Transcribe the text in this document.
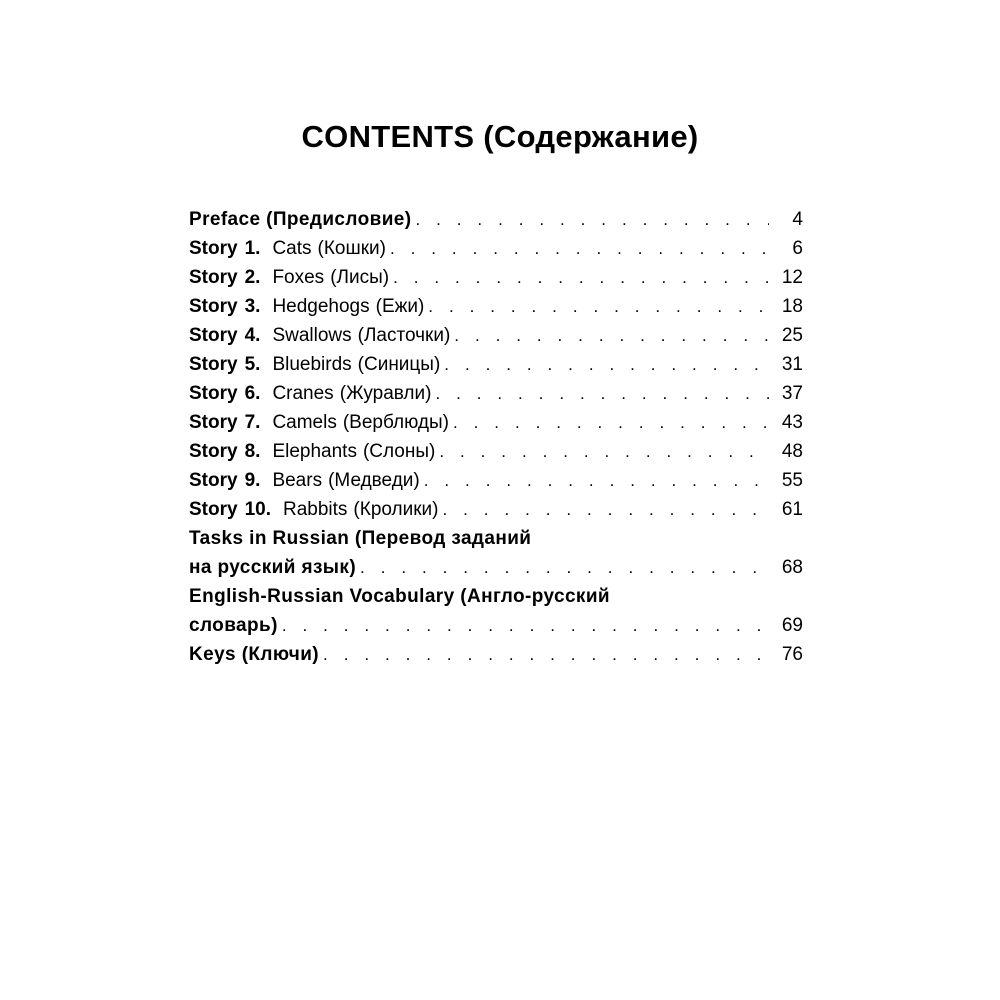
CONTENTS (Содержание)
Preface (Предисловие) . . .	4
Story 1. Cats (Кошки) . . .	6
Story 2. Foxes (Лисы) . . .	12
Story 3. Hedgehogs (Ежи) . . .	18
Story 4. Swallows (Ласточки) . . .	25
Story 5. Bluebirds (Синицы) . . .	31
Story 6. Cranes (Журавли) . . .	37
Story 7. Camels (Верблюды) . . .	43
Story 8. Elephants (Слоны) . . .	48
Story 9. Bears (Медведи) . . .	55
Story 10. Rabbits (Кролики) . . .	61
Tasks in Russian (Перевод заданий
на русский язык) . . .	68
English-Russian Vocabulary (Англо-русский
словарь) . . .	69
Keys (Ключи) . . .	76
